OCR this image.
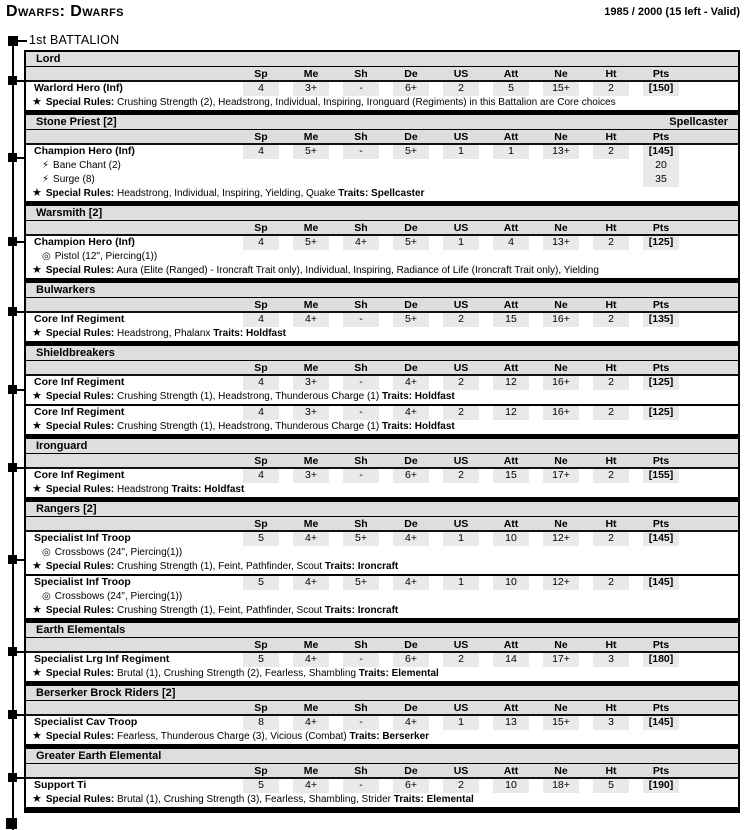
Dwarfs: Dwarfs	1985 / 2000 (15 left - Valid)
1st BATTALION
Lord
Sp	Me	Sh	De	US	Att	Ne	Ht	Pts
Warlord Hero (Inf)	4	3+	-	6+	2	5	15+	2	[150]
★ Special Rules: Crushing Strength (2), Headstrong, Individual, Inspiring, Ironguard (Regiments) in this Battalion are Core choices
Stone Priest [2]	Spellcaster
Sp	Me	Sh	De	US	Att	Ne	Ht	Pts
Champion Hero (Inf)	4	5+	-	5+	1	1	13+	2	[145]
⚡ Bane Chant (2)	20
⚡ Surge (8)	35
★ Special Rules: Headstrong, Individual, Inspiring, Yielding, Quake Traits: Spellcaster
Warsmith [2]
Sp	Me	Sh	De	US	Att	Ne	Ht	Pts
Champion Hero (Inf)	4	5+	4+	5+	1	4	13+	2	[125]
◎ Pistol (12", Piercing(1))
★ Special Rules: Aura (Elite (Ranged) - Ironcraft Trait only), Individual, Inspiring, Radiance of Life (Ironcraft Trait only), Yielding
Bulwarkers
Sp	Me	Sh	De	US	Att	Ne	Ht	Pts
Core Inf Regiment	4	4+	-	5+	2	15	16+	2	[135]
★ Special Rules: Headstrong, Phalanx Traits: Holdfast
Shieldbreakers
Sp	Me	Sh	De	US	Att	Ne	Ht	Pts
Core Inf Regiment	4	3+	-	4+	2	12	16+	2	[125]
★ Special Rules: Crushing Strength (1), Headstrong, Thunderous Charge (1) Traits: Holdfast
Core Inf Regiment	4	3+	-	4+	2	12	16+	2	[125]
★ Special Rules: Crushing Strength (1), Headstrong, Thunderous Charge (1) Traits: Holdfast
Ironguard
Sp	Me	Sh	De	US	Att	Ne	Ht	Pts
Core Inf Regiment	4	3+	-	6+	2	15	17+	2	[155]
★ Special Rules: Headstrong Traits: Holdfast
Rangers [2]
Sp	Me	Sh	De	US	Att	Ne	Ht	Pts
Specialist Inf Troop	5	4+	5+	4+	1	10	12+	2	[145]
◎ Crossbows (24", Piercing(1))
★ Special Rules: Crushing Strength (1), Feint, Pathfinder, Scout Traits: Ironcraft
Specialist Inf Troop	5	4+	5+	4+	1	10	12+	2	[145]
◎ Crossbows (24", Piercing(1))
★ Special Rules: Crushing Strength (1), Feint, Pathfinder, Scout Traits: Ironcraft
Earth Elementals
Sp	Me	Sh	De	US	Att	Ne	Ht	Pts
Specialist Lrg Inf Regiment	5	4+	-	6+	2	14	17+	3	[180]
★ Special Rules: Brutal (1), Crushing Strength (2), Fearless, Shambling Traits: Elemental
Berserker Brock Riders [2]
Sp	Me	Sh	De	US	Att	Ne	Ht	Pts
Specialist Cav Troop	8	4+	-	4+	1	13	15+	3	[145]
★ Special Rules: Fearless, Thunderous Charge (3), Vicious (Combat) Traits: Berserker
Greater Earth Elemental
Sp	Me	Sh	De	US	Att	Ne	Ht	Pts
Support Ti	5	4+	-	6+	2	10	18+	5	[190]
★ Special Rules: Brutal (1), Crushing Strength (3), Fearless, Shambling, Strider Traits: Elemental
